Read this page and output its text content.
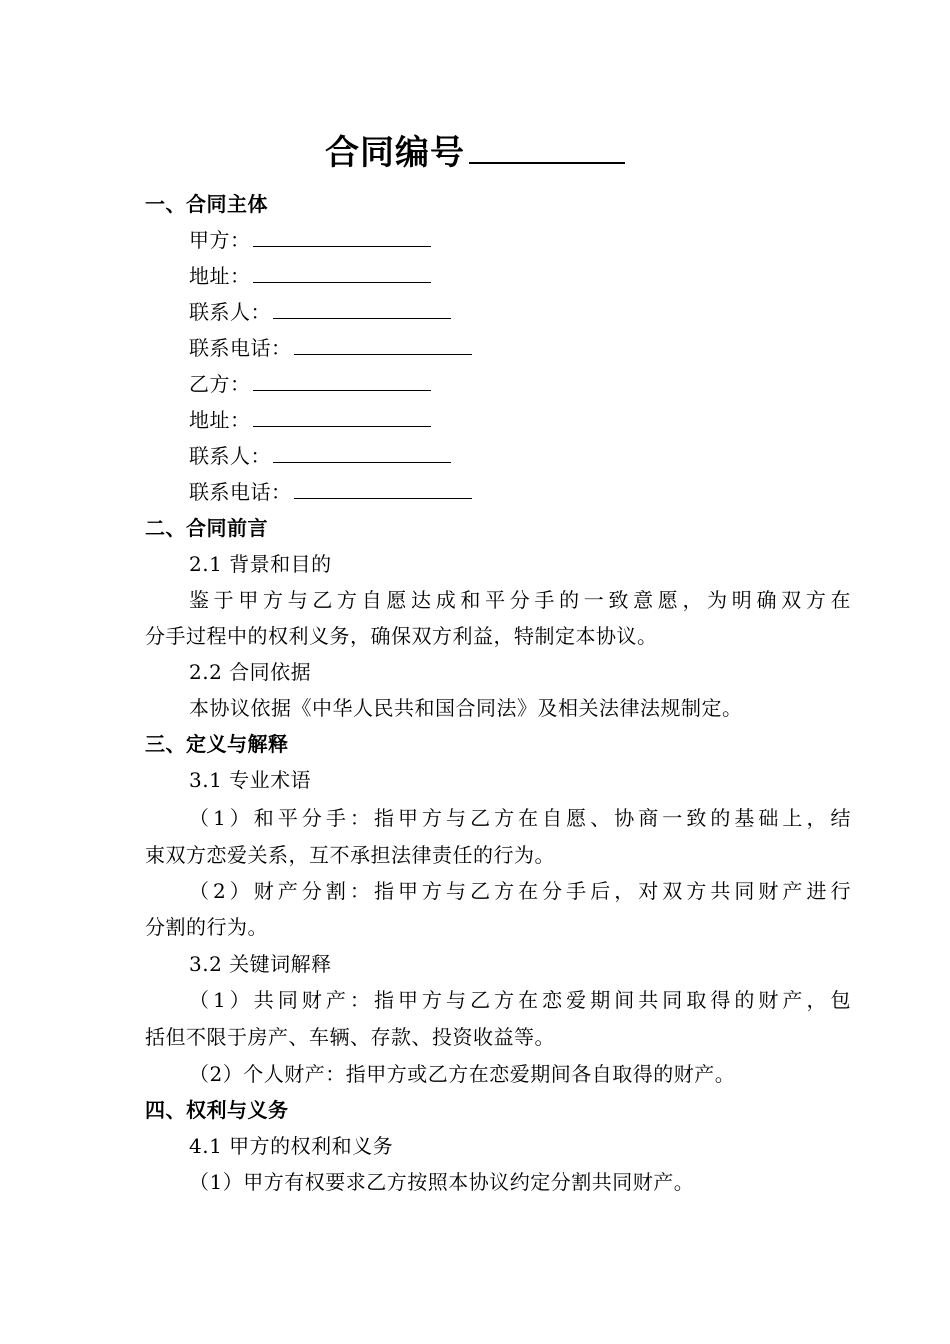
合同编号
一、合同主体
甲方：
地址：
联系人：
联系电话：
乙方：
地址：
联系人：
联系电话：
二、合同前言
2.1 背景和目的
鉴于甲方与乙方自愿达成和平分手的一致意愿，为明确双方在
分手过程中的权利义务，确保双方利益，特制定本协议。
2.2 合同依据
本协议依据《中华人民共和国合同法》及相关法律法规制定。
三、定义与解释
3.1 专业术语
（1）和平分手：指甲方与乙方在自愿、协商一致的基础上，结
束双方恋爱关系，互不承担法律责任的行为。
（2）财产分割：指甲方与乙方在分手后，对双方共同财产进行
分割的行为。
3.2 关键词解释
（1）共同财产：指甲方与乙方在恋爱期间共同取得的财产，包
括但不限于房产、车辆、存款、投资收益等。
（2）个人财产：指甲方或乙方在恋爱期间各自取得的财产。
四、权利与义务
4.1 甲方的权利和义务
（1）甲方有权要求乙方按照本协议约定分割共同财产。
